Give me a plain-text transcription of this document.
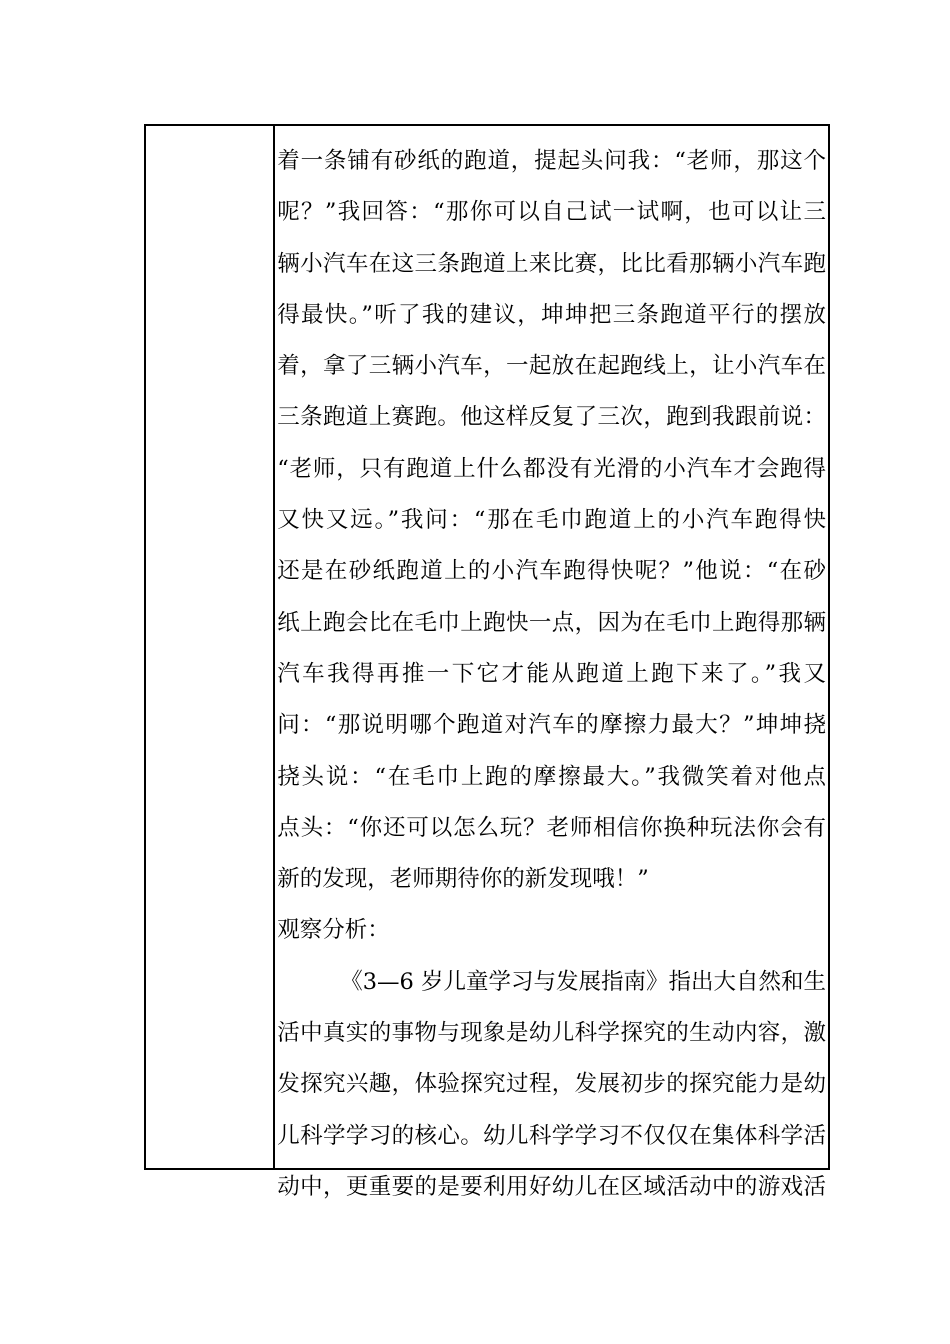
着一条铺有砂纸的跑道，提起头问我：“老师，那这个
呢？”我回答：“那你可以自己试一试啊，也可以让三
辆小汽车在这三条跑道上来比赛，比比看那辆小汽车跑
得最快。”听了我的建议，坤坤把三条跑道平行的摆放
着，拿了三辆小汽车，一起放在起跑线上，让小汽车在
三条跑道上赛跑。他这样反复了三次，跑到我跟前说：
“老师，只有跑道上什么都没有光滑的小汽车才会跑得
又快又远。”我问：“那在毛巾跑道上的小汽车跑得快
还是在砂纸跑道上的小汽车跑得快呢？”他说：“在砂
纸上跑会比在毛巾上跑快一点，因为在毛巾上跑得那辆
汽车我得再推一下它才能从跑道上跑下来了。”我又
问：“那说明哪个跑道对汽车的摩擦力最大？”坤坤挠
挠头说：“在毛巾上跑的摩擦最大。”我微笑着对他点
点头：“你还可以怎么玩？老师相信你换种玩法你会有
新的发现，老师期待你的新发现哦！”
观察分析：
《3—6 岁儿童学习与发展指南》指出大自然和生
活中真实的事物与现象是幼儿科学探究的生动内容，激
发探究兴趣，体验探究过程，发展初步的探究能力是幼
儿科学学习的核心。幼儿科学学习不仅仅在集体科学活
动中，更重要的是要利用好幼儿在区域活动中的游戏活
